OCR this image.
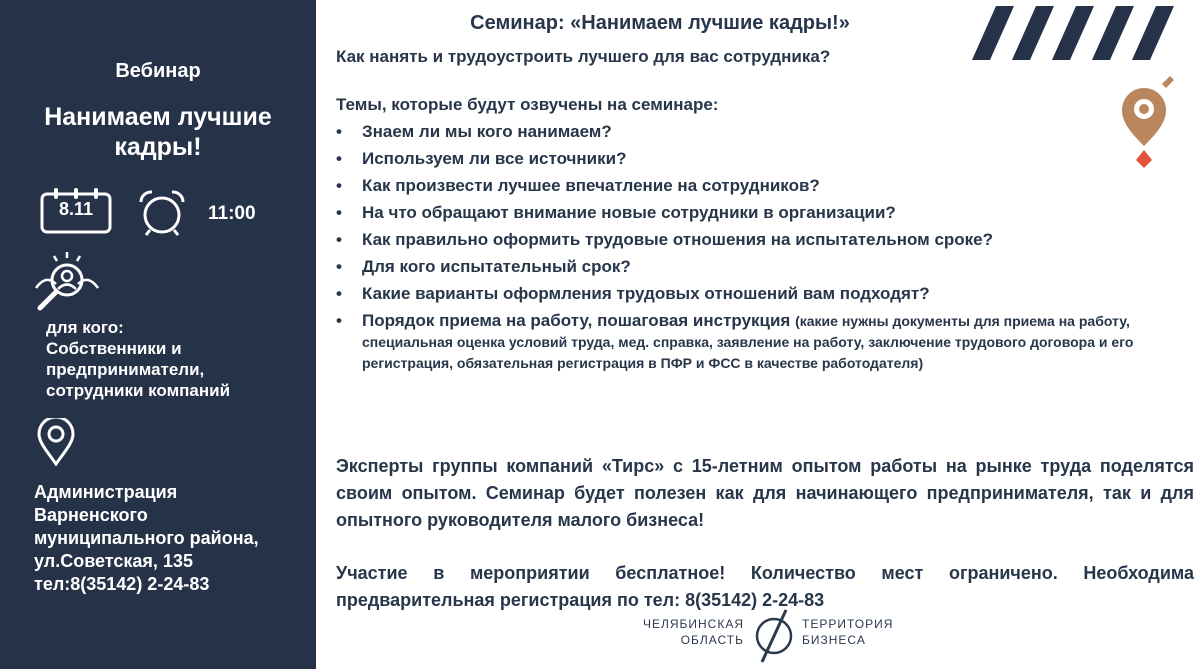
Вебинар
Нанимаем лучшие
кадры!
8.11	11:00
для кого:
Собственники и
предприниматели,
сотрудники компаний
Администрация
Варненского
муниципального района,
ул.Советская, 135
тел:8(35142) 2-24-83
Семинар: «Нанимаем лучшие кадры!»
Как нанять и трудоустроить лучшего для вас сотрудника?
Темы, которые будут озвучены на семинаре:
• Знаем ли мы кого нанимаем?
• Используем ли все источники?
• Как произвести лучшее впечатление на сотрудников?
• На что обращают внимание новые сотрудники в организации?
• Как правильно оформить трудовые отношения на испытательном сроке?
• Для кого испытательный срок?
• Какие варианты оформления трудовых отношений вам подходят?
• Порядок приема на работу, пошаговая инструкция (какие нужны документы для приема на работу, специальная оценка условий труда, мед. справка, заявление на работу, заключение трудового договора и его регистрация, обязательная регистрация в ПФР и ФСС в качестве работодателя)
Эксперты группы компаний «Тирс» с 15-летним опытом работы на рынке труда поделятся своим опытом. Семинар будет полезен как для начинающего предпринимателя, так и для опытного руководителя малого бизнеса!
Участие в мероприятии бесплатное! Количество мест ограничено. Необходима предварительная регистрация по тел: 8(35142) 2-24-83
ЧЕЛЯБИНСКАЯ
ОБЛАСТЬ
ТЕРРИТОРИЯ
БИЗНЕСА
